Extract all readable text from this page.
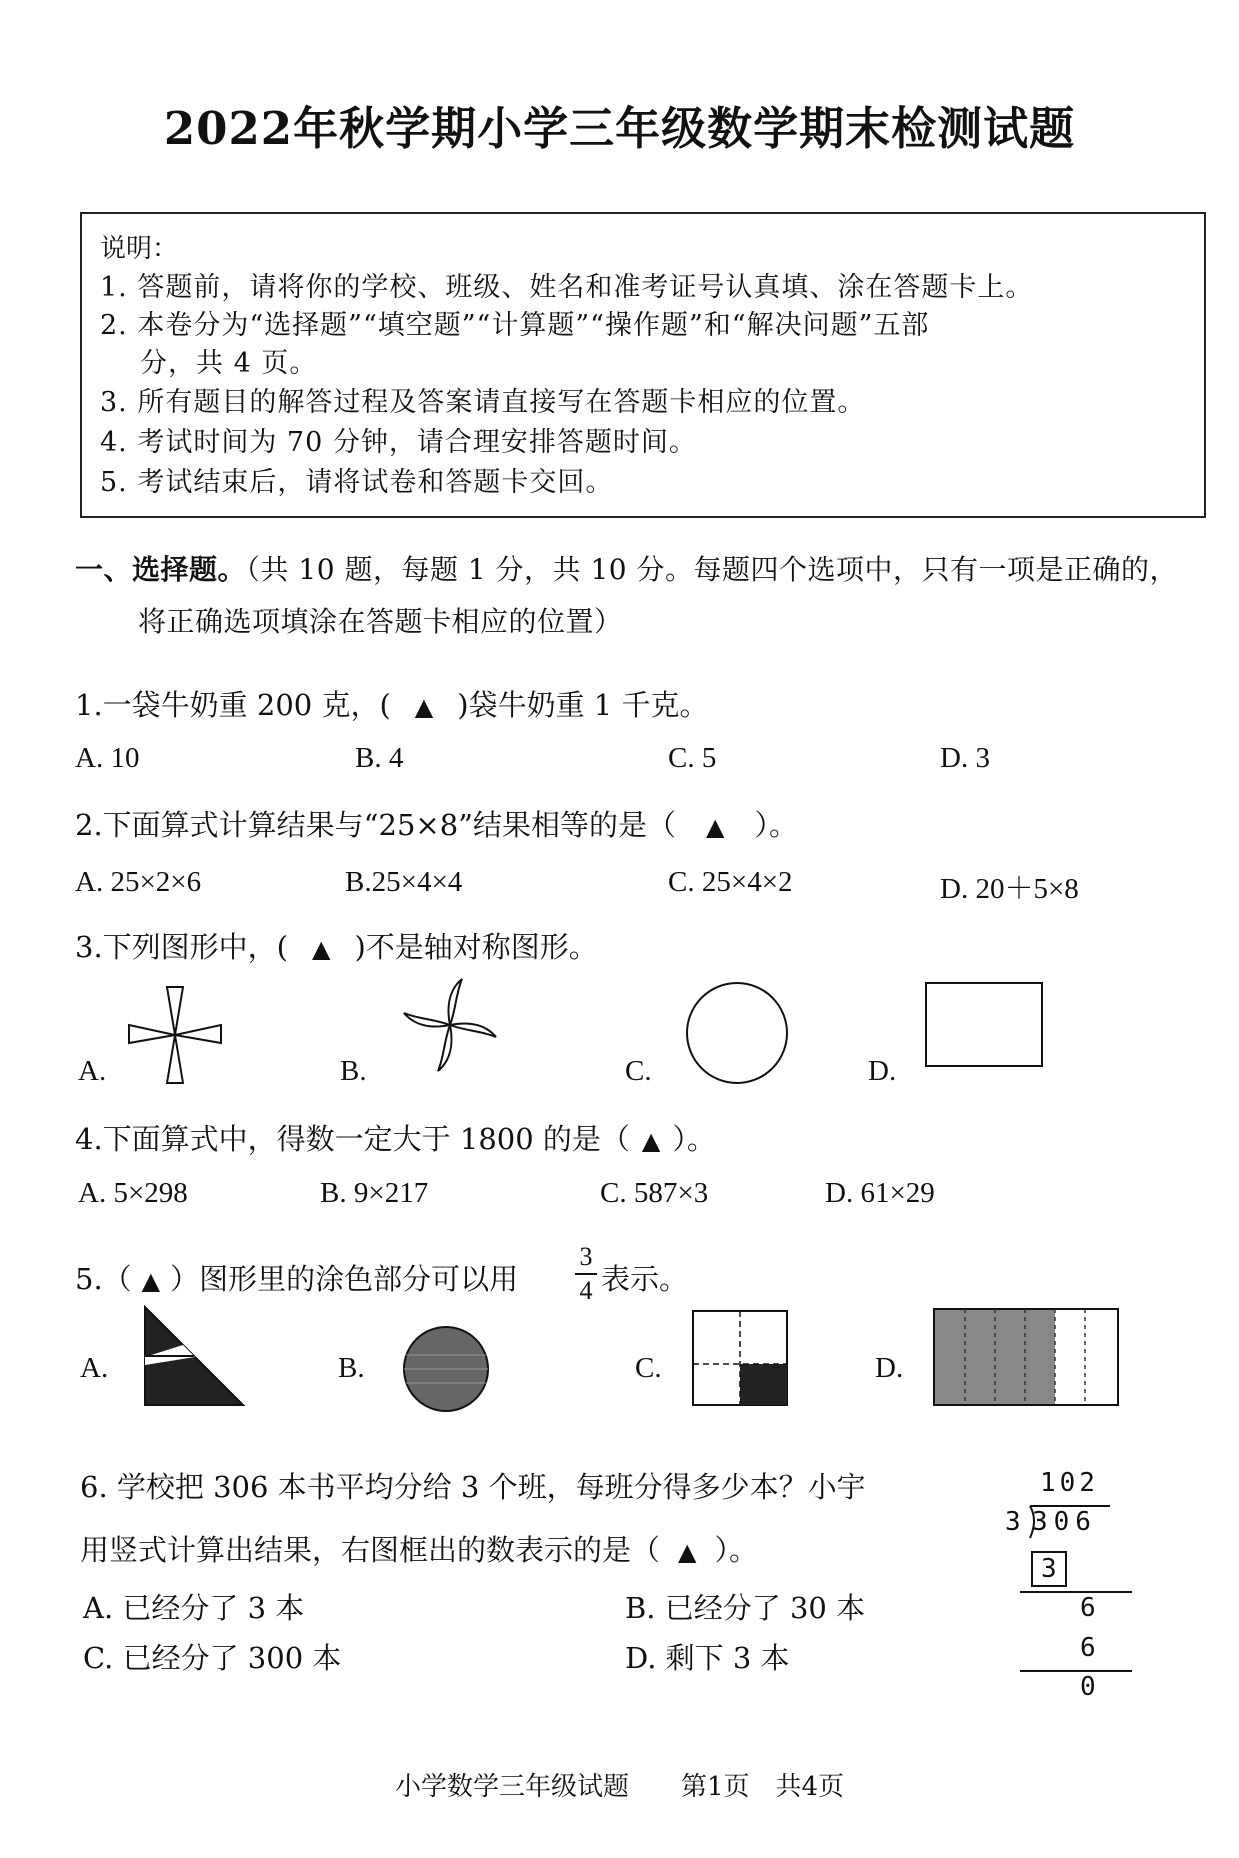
2022年秋学期小学三年级数学期末检测试题
说明：
1. 答题前，请将你的学校、班级、姓名和准考证号认真填、涂在答题卡上。
2. 本卷分为“选择题”“填空题”“计算题”“操作题”和“解决问题”五部
分，共 4 页。
3. 所有题目的解答过程及答案请直接写在答题卡相应的位置。
4. 考试时间为 70 分钟，请合理安排答题时间。
5. 考试结束后，请将试卷和答题卡交回。
一、选择题。（共 10 题，每题 1 分，共 10 分。每题四个选项中，只有一项是正确的，
将正确选项填涂在答题卡相应的位置）
1.一袋牛奶重 200 克，( ▲ )袋牛奶重 1 千克。
A. 10	B. 4	C. 5	D. 3
2.下面算式计算结果与“25×8”结果相等的是（ ▲ ）。
A. 25×2×6	B.25×4×4	C. 25×4×2	D. 20＋5×8
3.下列图形中，( ▲ )不是轴对称图形。
A.	B.	C.	D.
4.下面算式中，得数一定大于 1800 的是（ ▲ ）。
A. 5×298	B. 9×217	C. 587×3	D. 61×29
5.（ ▲ ）图形里的涂色部分可以用
3
4 表示。
A.	B.	C.	D.
6. 学校把 306 本书平均分给 3 个班，每班分得多少本？小宇
用竖式计算出结果，右图框出的数表示的是（ ▲ ）。
A. 已经分了 3 本	B. 已经分了 30 本
C. 已经分了 300 本	D. 剩下 3 本
102
3 306
3
6
6
0
小学数学三年级试题　　第1页　共4页
